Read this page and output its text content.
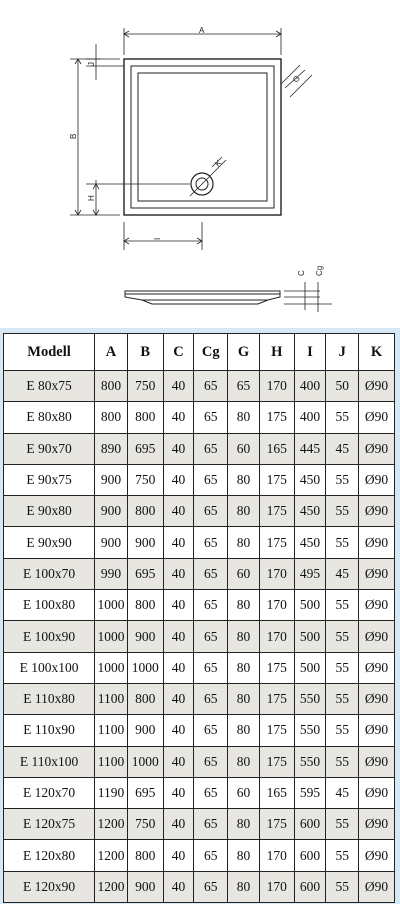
K
A
B
J
H
I
G
C Cg
Modell	A	B	C	Cg	G	H	I	J	K
E 80x75	800	750	40	65	65	170	400	50	Ø90
E 80x80	800	800	40	65	80	175	400	55	Ø90
E 90x70	890	695	40	65	60	165	445	45	Ø90
E 90x75	900	750	40	65	80	175	450	55	Ø90
E 90x80	900	800	40	65	80	175	450	55	Ø90
E 90x90	900	900	40	65	80	175	450	55	Ø90
E 100x70	990	695	40	65	60	170	495	45	Ø90
E 100x80	1000	800	40	65	80	170	500	55	Ø90
E 100x90	1000	900	40	65	80	170	500	55	Ø90
E 100x100	1000	1000	40	65	80	175	500	55	Ø90
E 110x80	1100	800	40	65	80	175	550	55	Ø90
E 110x90	1100	900	40	65	80	175	550	55	Ø90
E 110x100	1100	1000	40	65	80	175	550	55	Ø90
E 120x70	1190	695	40	65	60	165	595	45	Ø90
E 120x75	1200	750	40	65	80	175	600	55	Ø90
E 120x80	1200	800	40	65	80	170	600	55	Ø90
E 120x90	1200	900	40	65	80	170	600	55	Ø90
